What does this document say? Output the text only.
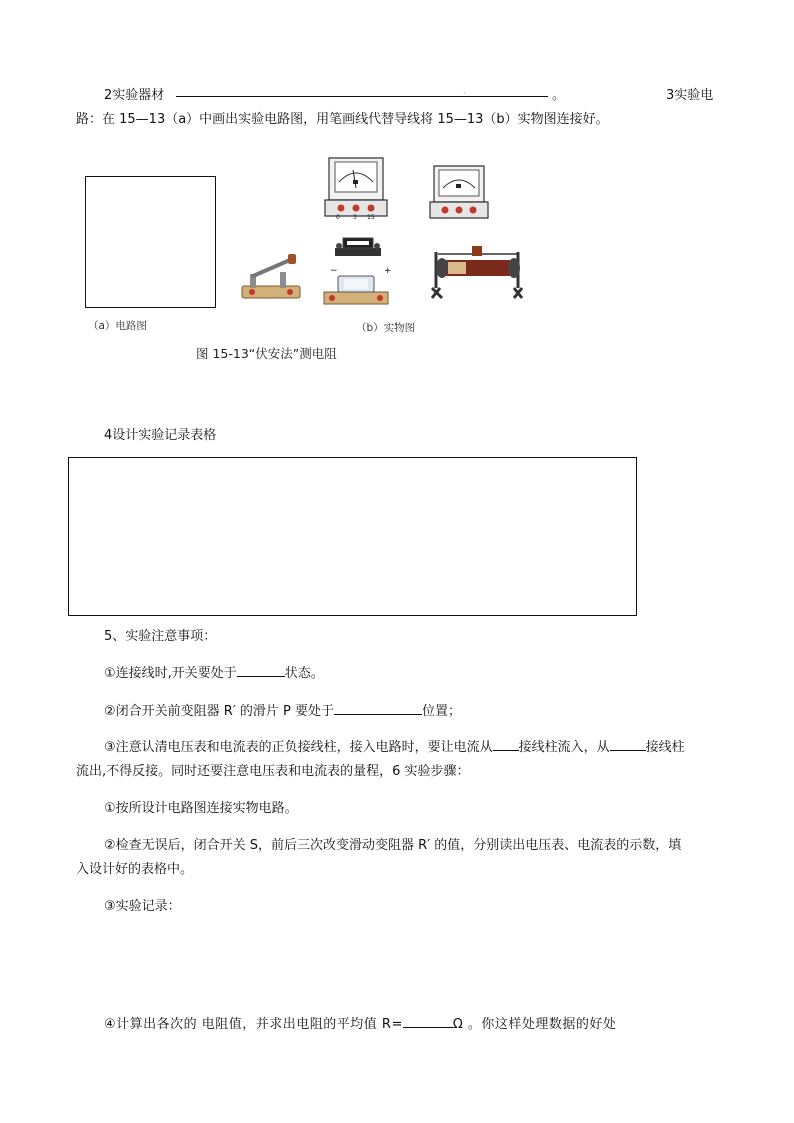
2实验器材	.	。	3实验电
路：在 15—13（a）中画出实验电路图，用笔画线代替导线将 15—13（b）实物图连接好。
（a）电路图
0 3 15
−	+
（b）实物图
图 15-13“伏安法”测电阻
4设计实验记录表格
5、实验注意事项：
①连接线时,开关要处于	状态。
②闭合开关前变阻器 R′ 的滑片 P 要处于	位置；
③注意认清电压表和电流表的正负接线柱，接入电路时，要让电流从 接线柱流入，从	接线柱
流出,不得反接。同时还要注意电压表和电流表的量程，6 实验步骤：
①按所设计电路图连接实物电路。
②检查无误后，闭合开关 S，前后三次改变滑动变阻器 R′ 的值，分别读出电压表、电流表的示数，填
入设计好的表格中。
③实验记录：
④计算出各次的 电阻值，并求出电阻的平均值 R=	Ω 。你这样处理数据的好处
